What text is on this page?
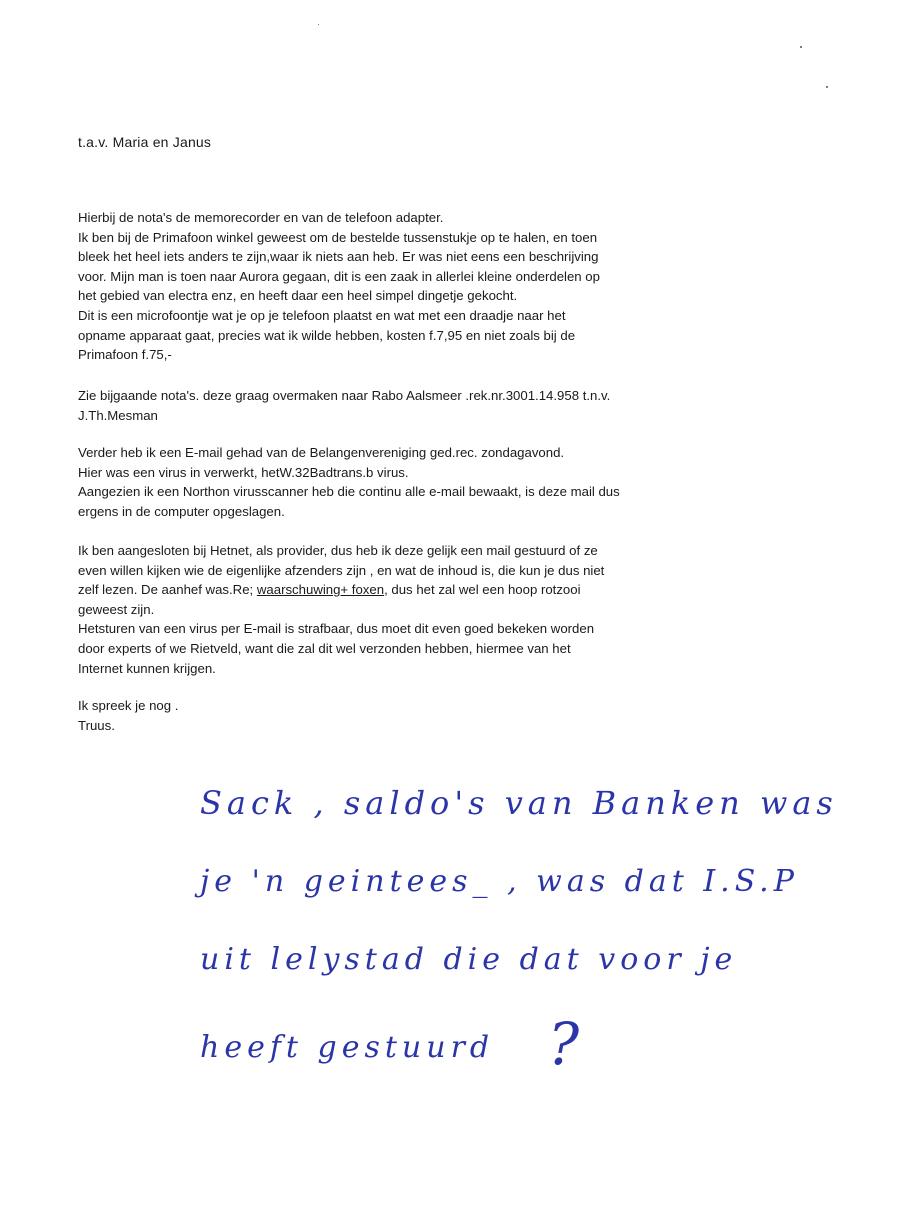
t.a.v. Maria en Janus

Hierbij de nota's de memorecorder en van de telefoon adapter.
Ik ben bij de Primafoon winkel geweest om de bestelde tussenstukje op te halen, en toen
bleek het heel iets anders te zijn,waar ik niets aan heb. Er was niet eens een beschrijving
voor. Mijn man is toen naar Aurora gegaan, dit is een zaak in allerlei kleine onderdelen op
het gebied van electra enz, en heeft daar een heel simpel dingetje gekocht.
Dit is een microfoontje wat je op je telefoon plaatst en wat met een draadje naar het
opname apparaat gaat, precies wat ik wilde hebben, kosten f.7,95 en niet zoals bij de
Primafoon f.75,-

Zie bijgaande nota's. deze graag overmaken naar Rabo Aalsmeer .rek.nr.3001.14.958 t.n.v.
J.Th.Mesman

Verder heb ik een E-mail gehad van de Belangenvereniging ged.rec. zondagavond.
Hier was een virus in verwerkt, hetW.32Badtrans.b virus.
Aangezien ik een Northon virusscanner heb die continu alle e-mail bewaakt, is deze mail dus
ergens in de computer opgeslagen.

Ik ben aangesloten bij Hetnet, als provider, dus heb ik deze gelijk een mail gestuurd of ze
even willen kijken wie de eigenlijke afzenders zijn , en wat de inhoud is, die kun je dus niet
zelf lezen. De aanhef was.Re; waarschuwing+ foxen, dus het zal wel een hoop rotzooi
geweest zijn.
Hetsturen van een virus per E-mail is strafbaar, dus moet dit even goed bekeken worden
door experts of we Rietveld, want die zal dit wel verzonden hebben, hiermee van het
Internet kunnen krijgen.

Ik spreek je nog .
Truus.

Sack , saldo's van Banken was
je 'n geintees_ , was dat I.S.P
uit lelystad die dat voor je
heeft gestuurd ?
